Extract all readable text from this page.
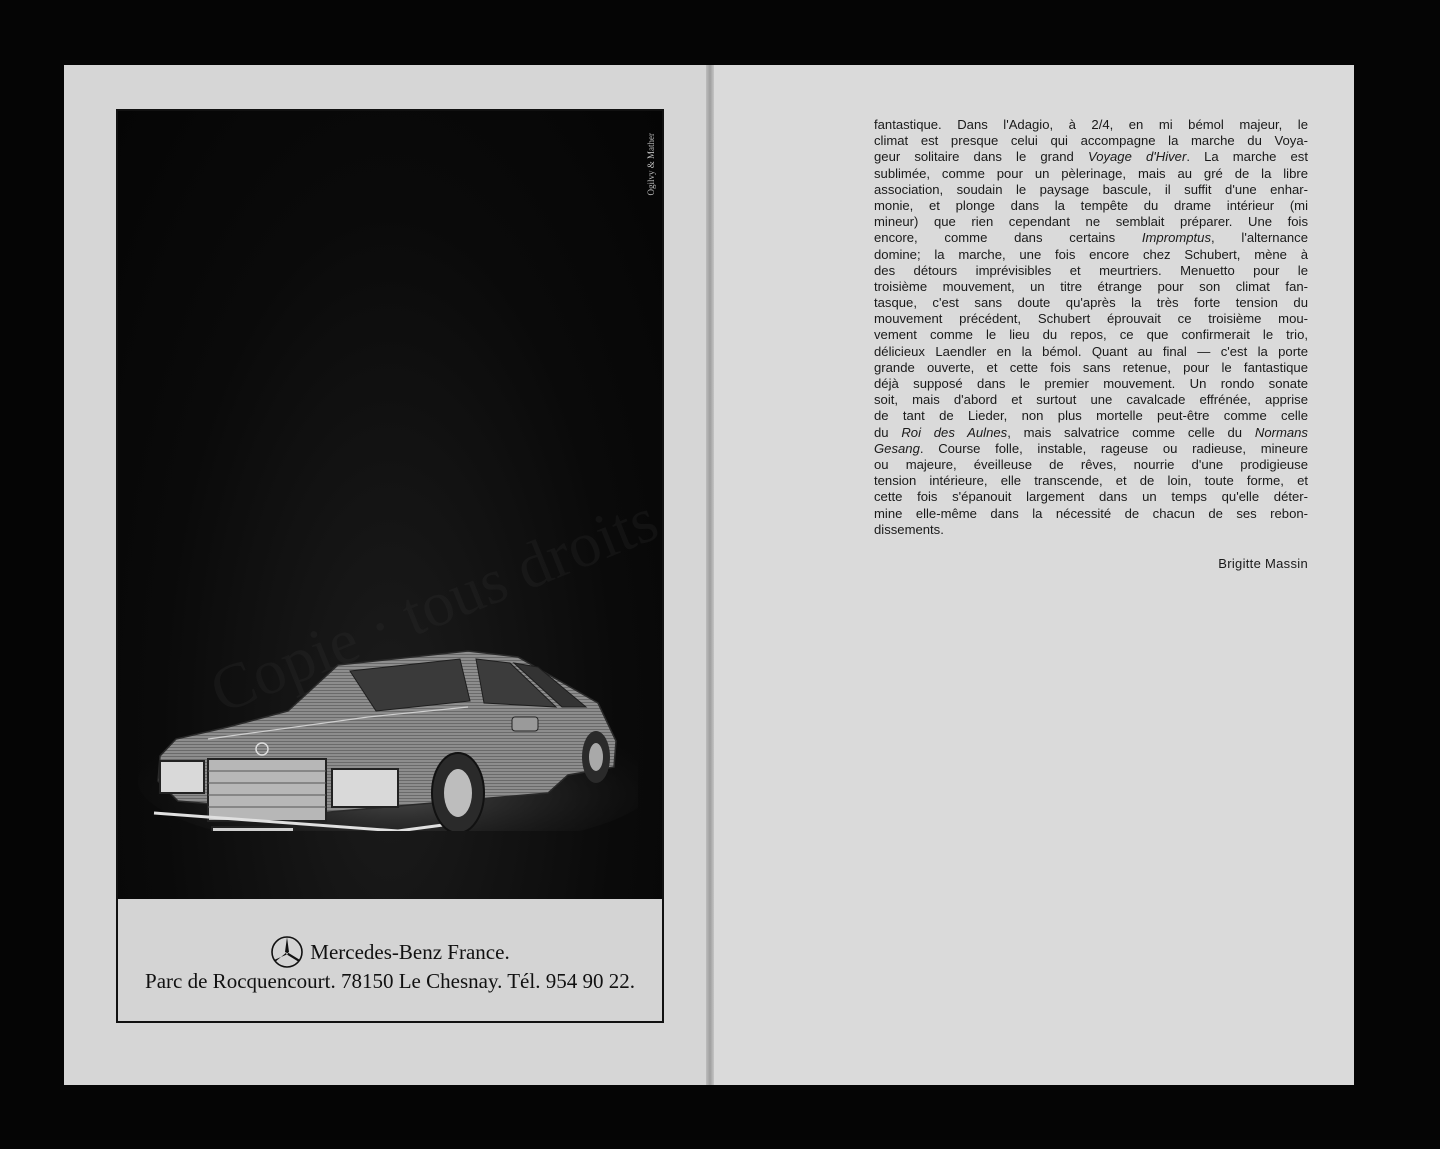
Ogilvy & Mather
Mercedes-Benz France.
Parc de Rocquencourt. 78150 Le Chesnay. Tél. 954 90 22.
fantastique. Dans l'Adagio, à 2/4, en mi bémol majeur, le
climat est presque celui qui accompagne la marche du Voya-
geur solitaire dans le grand Voyage d'Hiver. La marche est
sublimée, comme pour un pèlerinage, mais au gré de la libre
association, soudain le paysage bascule, il suffit d'une enhar-
monie, et plonge dans la tempête du drame intérieur (mi
mineur) que rien cependant ne semblait préparer. Une fois
encore, comme dans certains Impromptus, l'alternance
domine; la marche, une fois encore chez Schubert, mène à
des détours imprévisibles et meurtriers. Menuetto pour le
troisième mouvement, un titre étrange pour son climat fan-
tasque, c'est sans doute qu'après la très forte tension du
mouvement précédent, Schubert éprouvait ce troisième mou-
vement comme le lieu du repos, ce que confirmerait le trio,
délicieux Laendler en la bémol. Quant au final — c'est la porte
grande ouverte, et cette fois sans retenue, pour le fantastique
déjà supposé dans le premier mouvement. Un rondo sonate
soit, mais d'abord et surtout une cavalcade effrénée, apprise
de tant de Lieder, non plus mortelle peut-être comme celle
du Roi des Aulnes, mais salvatrice comme celle du Normans
Gesang. Course folle, instable, rageuse ou radieuse, mineure
ou majeure, éveilleuse de rêves, nourrie d'une prodigieuse
tension intérieure, elle transcende, et de loin, toute forme, et
cette fois s'épanouit largement dans un temps qu'elle déter-
mine elle-même dans la nécessité de chacun de ses rebon-
dissements.
Brigitte Massin
